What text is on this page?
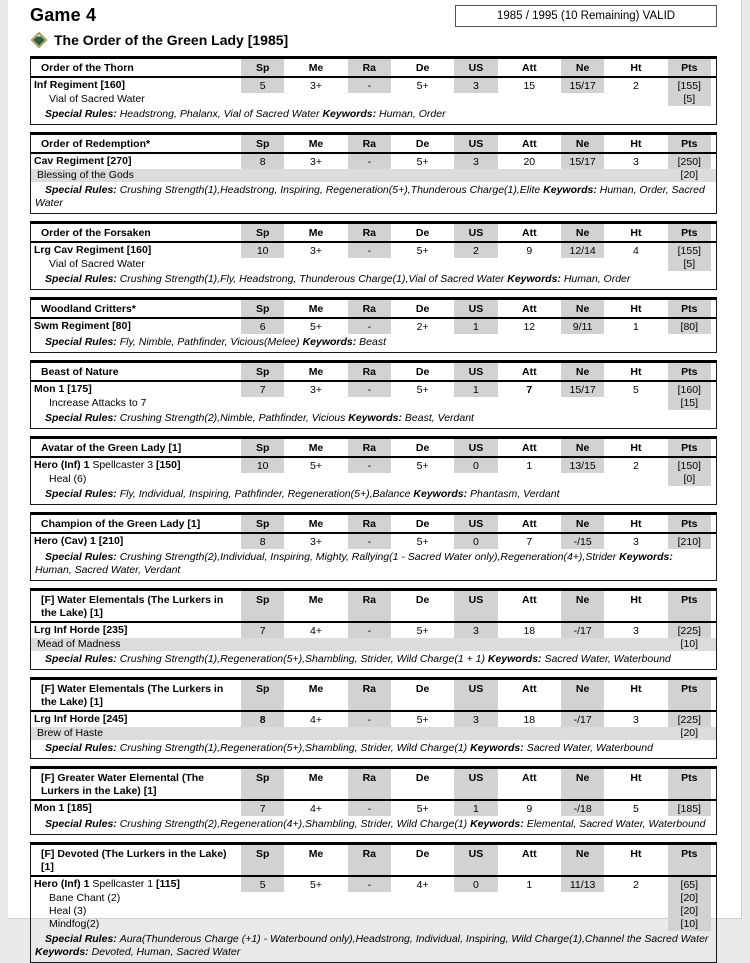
Game 4	1985 / 1995 (10 Remaining) VALID
The Order of the Green Lady [1985]
Order of the Thorn	Sp	Me	Ra	De	US	Att	Ne	Ht	Pts
Inf Regiment [160]	5	3+	-	5+	3	15	15/17	2	[155]
Vial of Sacred Water	[5]
Special Rules: Headstrong, Phalanx, Vial of Sacred Water Keywords: Human, Order
Order of Redemption*	Sp	Me	Ra	De	US	Att	Ne	Ht	Pts
Cav Regiment [270]	8	3+	-	5+	3	20	15/17	3	[250]
Blessing of the Gods	[20]
Special Rules: Crushing Strength(1),Headstrong, Inspiring, Regeneration(5+),Thunderous Charge(1),Elite Keywords: Human, Order, Sacred Water
Order of the Forsaken	Sp	Me	Ra	De	US	Att	Ne	Ht	Pts
Lrg Cav Regiment [160]	10	3+	-	5+	2	9	12/14	4	[155]
Vial of Sacred Water	[5]
Special Rules: Crushing Strength(1),Fly, Headstrong, Thunderous Charge(1),Vial of Sacred Water Keywords: Human, Order
Woodland Critters*	Sp	Me	Ra	De	US	Att	Ne	Ht	Pts
Swm Regiment [80]	6	5+	-	2+	1	12	9/11	1	[80]
Special Rules: Fly, Nimble, Pathfinder, Vicious(Melee) Keywords: Beast
Beast of Nature	Sp	Me	Ra	De	US	Att	Ne	Ht	Pts
Mon 1 [175]	7	3+	-	5+	1	7	15/17	5	[160]
Increase Attacks to 7	[15]
Special Rules: Crushing Strength(2),Nimble, Pathfinder, Vicious Keywords: Beast, Verdant
Avatar of the Green Lady [1]	Sp	Me	Ra	De	US	Att	Ne	Ht	Pts
Hero (Inf) 1 Spellcaster 3 [150]	10	5+	-	5+	0	1	13/15	2	[150]
Heal (6)	[0]
Special Rules: Fly, Individual, Inspiring, Pathfinder, Regeneration(5+),Balance Keywords: Phantasm, Verdant
Champion of the Green Lady [1]	Sp	Me	Ra	De	US	Att	Ne	Ht	Pts
Hero (Cav) 1 [210]	8	3+	-	5+	0	7	-/15	3	[210]
Special Rules: Crushing Strength(2),Individual, Inspiring, Mighty, Rallying(1 - Sacred Water only),Regeneration(4+),Strider Keywords: Human, Sacred Water, Verdant
[F] Water Elementals (The Lurkers in the Lake) [1]
Sp	Me	Ra	De	US	Att	Ne	Ht	Pts
Lrg Inf Horde [235]	7	4+	-	5+	3	18	-/17	3	[225]
Mead of Madness	[10]
Special Rules: Crushing Strength(1),Regeneration(5+),Shambling, Strider, Wild Charge(1 + 1) Keywords: Sacred Water, Waterbound
[F] Water Elementals (The Lurkers in the Lake) [1]
Sp	Me	Ra	De	US	Att	Ne	Ht	Pts
Lrg Inf Horde [245]	8	4+	-	5+	3	18	-/17	3	[225]
Brew of Haste	[20]
Special Rules: Crushing Strength(1),Regeneration(5+),Shambling, Strider, Wild Charge(1) Keywords: Sacred Water, Waterbound
[F] Greater Water Elemental (The Lurkers in the Lake) [1]
Sp	Me	Ra	De	US	Att	Ne	Ht	Pts
Mon 1 [185]	7	4+	-	5+	1	9	-/18	5	[185]
Special Rules: Crushing Strength(2),Regeneration(4+),Shambling, Strider, Wild Charge(1) Keywords: Elemental, Sacred Water, Waterbound
[F] Devoted (The Lurkers in the Lake) [1]
Sp	Me	Ra	De	US	Att	Ne	Ht	Pts
Hero (Inf) 1 Spellcaster 1 [115]	5	5+	-	4+	0	1	11/13	2	[65]
Bane Chant (2)	[20]
Heal (3)	[20]
Mindfog(2)	[10]
Special Rules: Aura(Thunderous Charge (+1) - Waterbound only),Headstrong, Individual, Inspiring, Wild Charge(1),Channel the Sacred Water Keywords: Devoted, Human, Sacred Water
